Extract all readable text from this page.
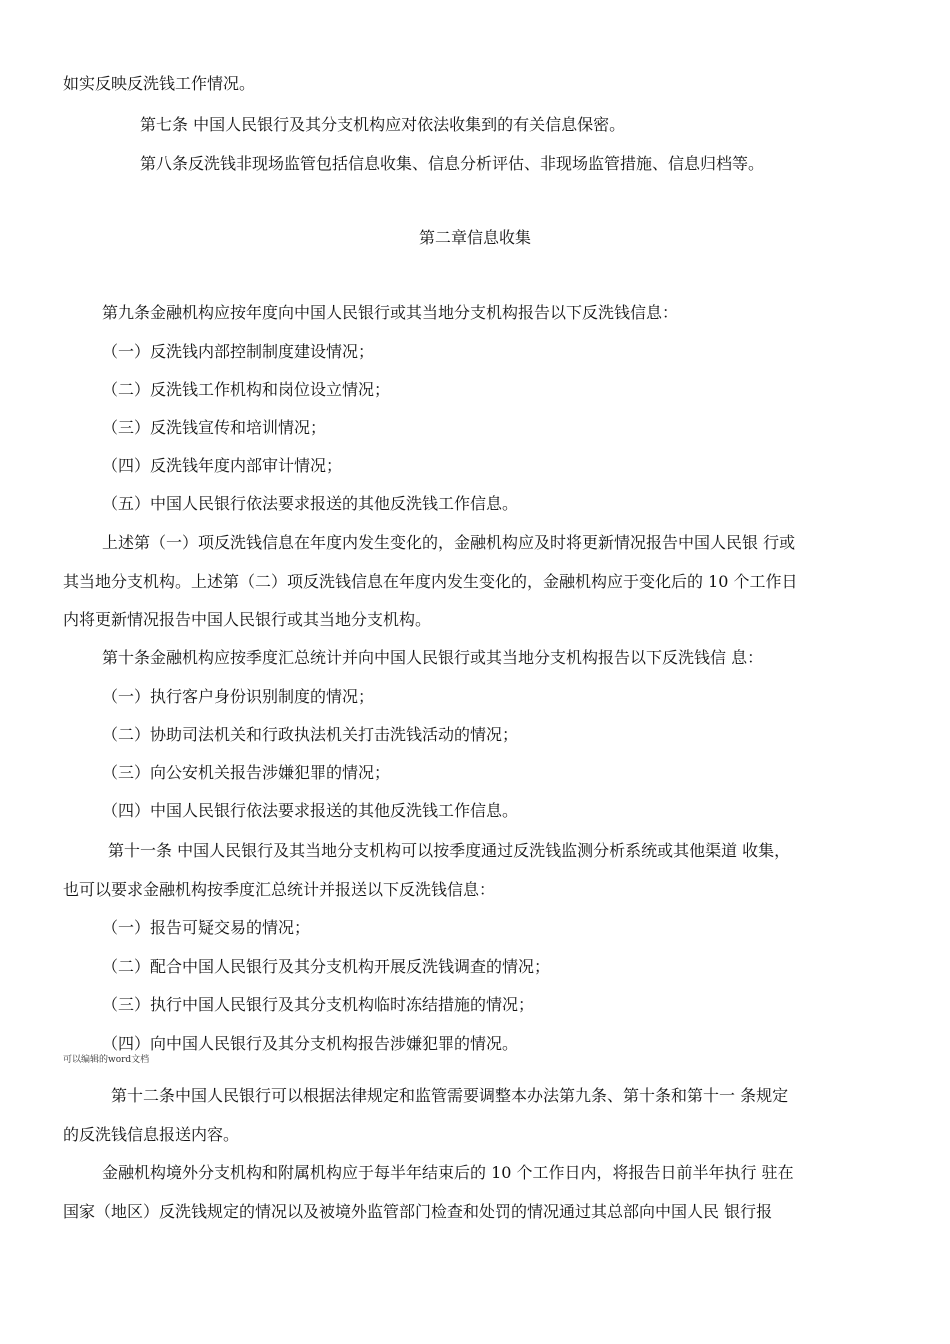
如实反映反洗钱工作情况。
第七条 中国人民银行及其分支机构应对依法收集到的有关信息保密。
第八条反洗钱非现场监管包括信息收集、信息分析评估、非现场监管措施、信息归档等。
第二章信息收集
第九条金融机构应按年度向中国人民银行或其当地分支机构报告以下反洗钱信息：
（一）反洗钱内部控制制度建设情况；
（二）反洗钱工作机构和岗位设立情况；
（三）反洗钱宣传和培训情况；
（四）反洗钱年度内部审计情况；
（五）中国人民银行依法要求报送的其他反洗钱工作信息。
上述第（一）项反洗钱信息在年度内发生变化的，金融机构应及时将更新情况报告中国人民银 行或
其当地分支机构。上述第（二）项反洗钱信息在年度内发生变化的，金融机构应于变化后的 10 个工作日
内将更新情况报告中国人民银行或其当地分支机构。
第十条金融机构应按季度汇总统计并向中国人民银行或其当地分支机构报告以下反洗钱信 息：
（一）执行客户身份识别制度的情况；
（二）协助司法机关和行政执法机关打击洗钱活动的情况；
（三）向公安机关报告涉嫌犯罪的情况；
（四）中国人民银行依法要求报送的其他反洗钱工作信息。
第十一条 中国人民银行及其当地分支机构可以按季度通过反洗钱监测分析系统或其他渠道 收集，
也可以要求金融机构按季度汇总统计并报送以下反洗钱信息：
（一）报告可疑交易的情况；
（二）配合中国人民银行及其分支机构开展反洗钱调查的情况；
（三）执行中国人民银行及其分支机构临时冻结措施的情况；
（四）向中国人民银行及其分支机构报告涉嫌犯罪的情况。
可以编辑的word文档
第十二条中国人民银行可以根据法律规定和监管需要调整本办法第九条、第十条和第十一 条规定
的反洗钱信息报送内容。
金融机构境外分支机构和附属机构应于每半年结束后的 10 个工作日内，将报告日前半年执行 驻在
国家（地区）反洗钱规定的情况以及被境外监管部门检查和处罚的情况通过其总部向中国人民 银行报
